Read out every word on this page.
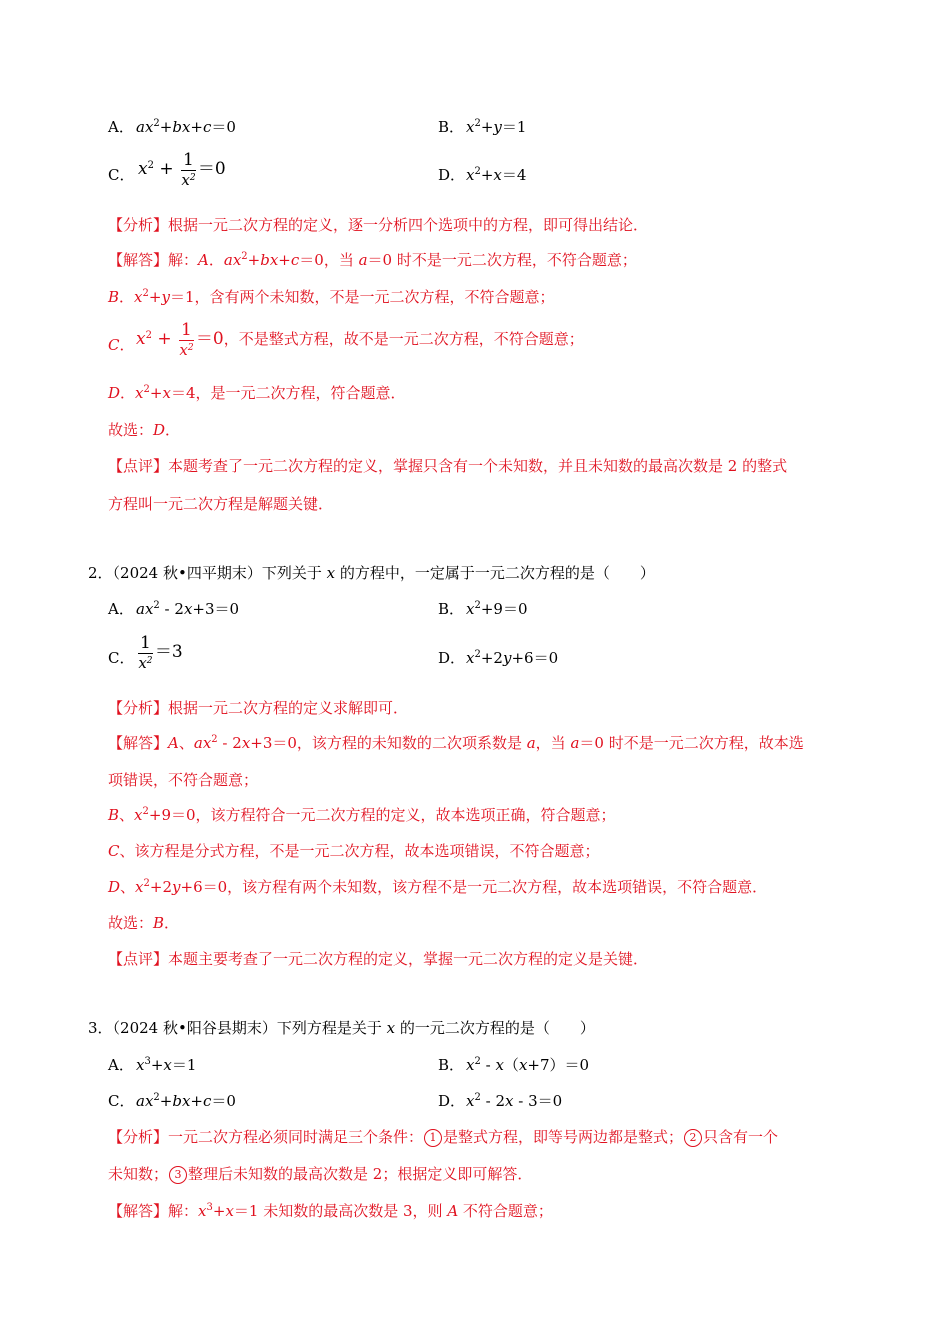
A． $ax^2+bx+c=0$	B． $x^2+y=1$
C． $x^2 + \frac{1}{x^2} =0$	D．$x^2+x=4$
【分析】根据一元二次方程的定义，逐一分析四个选项中的方程，即可得出结论．
【解答】解：A．$ax^2+bx+c=0$，当 a＝0 时不是一元二次方程，不符合题意；
B．$x^2+y=1$，含有两个未知数，不是一元二次方程，不符合题意；
C． $x^2 + \frac{1}{x^2} =0$，不是整式方程，故不是一元二次方程，不符合题意；
D．$x^2+x=4$，是一元二次方程，符合题意．
故选：D．
【点评】本题考查了一元二次方程的定义，掌握只含有一个未知数，并且未知数的最高次数是 2 的整式
方程叫一元二次方程是解题关键．
2．（2024 秋•四平期末）下列关于 x 的方程中，一定属于一元二次方程的是（　　）
A． $ax^2 - 2x+3=0$	B． $x^2+9=0$
C． $\frac{1}{x^2} =3$	D．$x^2+2y+6=0$
【分析】根据一元二次方程的定义求解即可．
【解答】A、$ax^2 - 2x+3=0$，该方程的未知数的二次项系数是 a，当 a＝0 时不是一元二次方程，故本选
项错误，不符合题意；
B、$x^2+9=0$，该方程符合一元二次方程的定义，故本选项正确，符合题意；
C、该方程是分式方程，不是一元二次方程，故本选项错误，不符合题意；
D、$x^2+2y+6=0$，该方程有两个未知数，该方程不是一元二次方程，故本选项错误，不符合题意．
故选：B．
【点评】本题主要考查了一元二次方程的定义，掌握一元二次方程的定义是关键．
3．（2024 秋•阳谷县期末）下列方程是关于 x 的一元二次方程的是（　　）
A． $x^3+x=1$	B． $x^2 - x(x+7)=0$
C． $ax^2+bx+c=0$	D．$x^2 - 2x - 3=0$
【分析】一元二次方程必须同时满足三个条件： 1 是整式方程，即等号两边都是整式； 2 只含有一个
未知数； 3 整理后未知数的最高次数是 2；根据定义即可解答．
【解答】解：$x^3+x=1$ 未知数的最高次数是 3，则 A 不符合题意；
